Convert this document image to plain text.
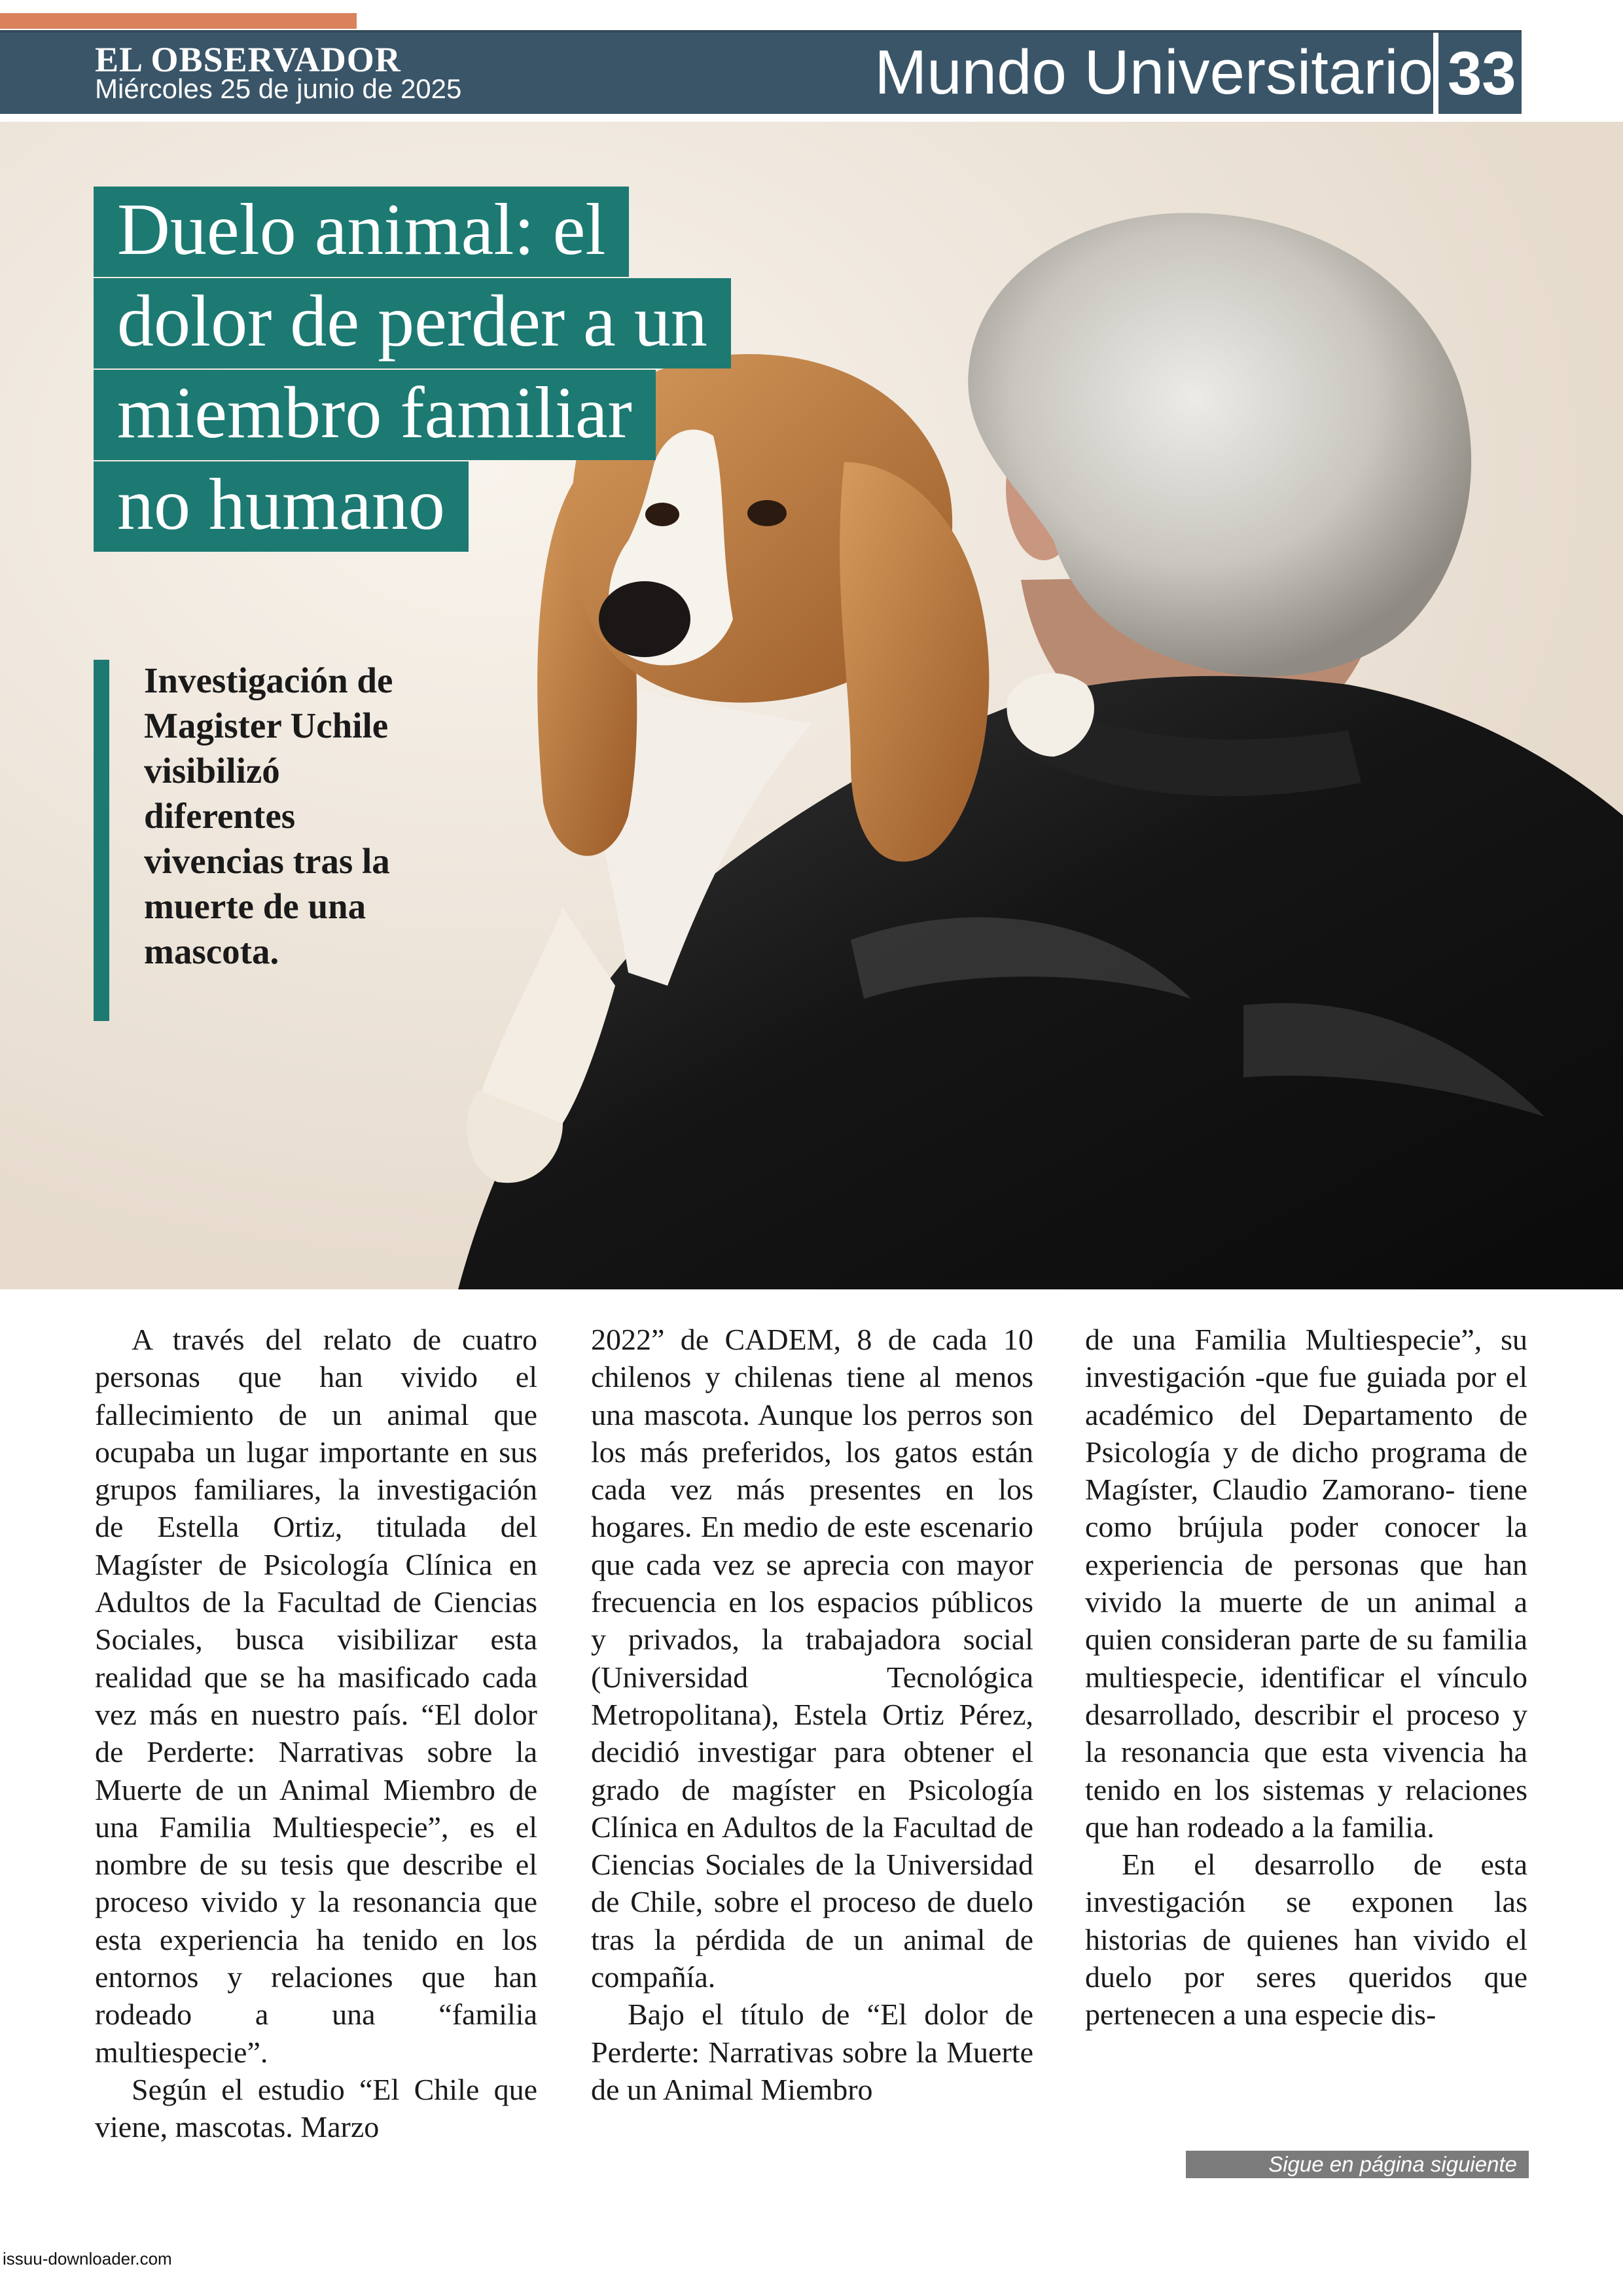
EL OBSERVADOR
Miércoles 25 de junio de 2025	Mundo Universitario 33
Duelo animal: el
dolor de perder a un
miembro familiar
no humano

Investigación de Magister Uchile visibilizó diferentes vivencias tras la muerte de una mascota.

A través del relato de cuatro personas que han vivido el fallecimiento de un animal que ocupaba un lugar importante en sus grupos familiares, la investigación de Estella Ortiz, titulada del Magíster de Psicología Clínica en Adultos de la Facultad de Ciencias Sociales, busca visibilizar esta realidad que se ha masificado cada vez más en nuestro país. “El dolor de Perderte: Narrativas sobre la Muerte de un Animal Miembro de una Familia Multiespecie”, es el nombre de su tesis que describe el proceso vivido y la resonancia que esta experiencia ha tenido en los entornos y relaciones que han rodeado a una “familia multiespecie”.

Según el estudio “El Chile que viene, mascotas. Marzo

2022” de CADEM, 8 de cada 10 chilenos y chilenas tiene al menos una mascota. Aunque los perros son los más preferidos, los gatos están cada vez más presentes en los hogares. En medio de este escenario que cada vez se aprecia con mayor frecuencia en los espacios públicos y privados, la trabajadora social (Universidad Tecnológica Metropolitana), Estela Ortiz Pérez, decidió investigar para obtener el grado de magíster en Psicología Clínica en Adultos de la Facultad de Ciencias Sociales de la Universidad de Chile, sobre el proceso de duelo tras la pérdida de un animal de compañía.

Bajo el título de “El dolor de Perderte: Narrativas sobre la Muerte de un Animal Miembro

de una Familia Multiespecie”, su investigación -que fue guiada por el académico del Departamento de Psicología y de dicho programa de Magíster, Claudio Zamorano- tiene como brújula poder conocer la experiencia de personas que han vivido la muerte de un animal a quien consideran parte de su familia multiespecie, identificar el vínculo desarrollado, describir el proceso y la resonancia que esta vivencia ha tenido en los sistemas y relaciones que han rodeado a la familia.

En el desarrollo de esta investigación se exponen las historias de quienes han vivido el duelo por seres queridos que pertenecen a una especie dis-

Sigue en página siguiente
issuu-downloader.com
